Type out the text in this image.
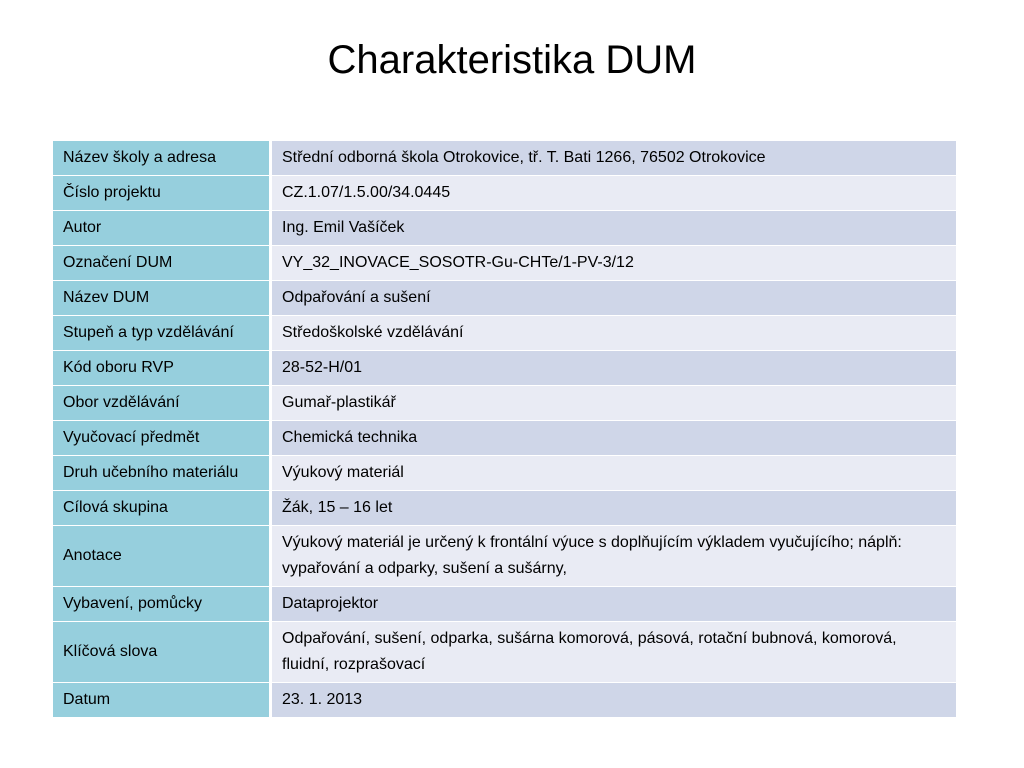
Charakteristika DUM
Název školy a adresa	Střední odborná škola Otrokovice, tř. T. Bati 1266, 76502 Otrokovice
Číslo projektu	CZ.1.07/1.5.00/34.0445
Autor	Ing. Emil Vašíček
Označení DUM	VY_32_INOVACE_SOSOTR-Gu-CHTe/1-PV-3/12
Název DUM	Odpařování a sušení
Stupeň a typ vzdělávání	Středoškolské vzdělávání
Kód oboru RVP	28-52-H/01
Obor vzdělávání	Gumař-plastikář
Vyučovací předmět	Chemická technika
Druh učebního materiálu	Výukový materiál
Cílová skupina	Žák, 15 – 16 let
Anotace	Výukový materiál je určený k frontální výuce s doplňujícím výkladem vyučujícího; náplň: vypařování a odparky, sušení a sušárny,
Vybavení, pomůcky	Dataprojektor
Klíčová slova	Odpařování, sušení, odparka, sušárna komorová, pásová, rotační bubnová, komorová, fluidní, rozprašovací
Datum	23. 1. 2013
